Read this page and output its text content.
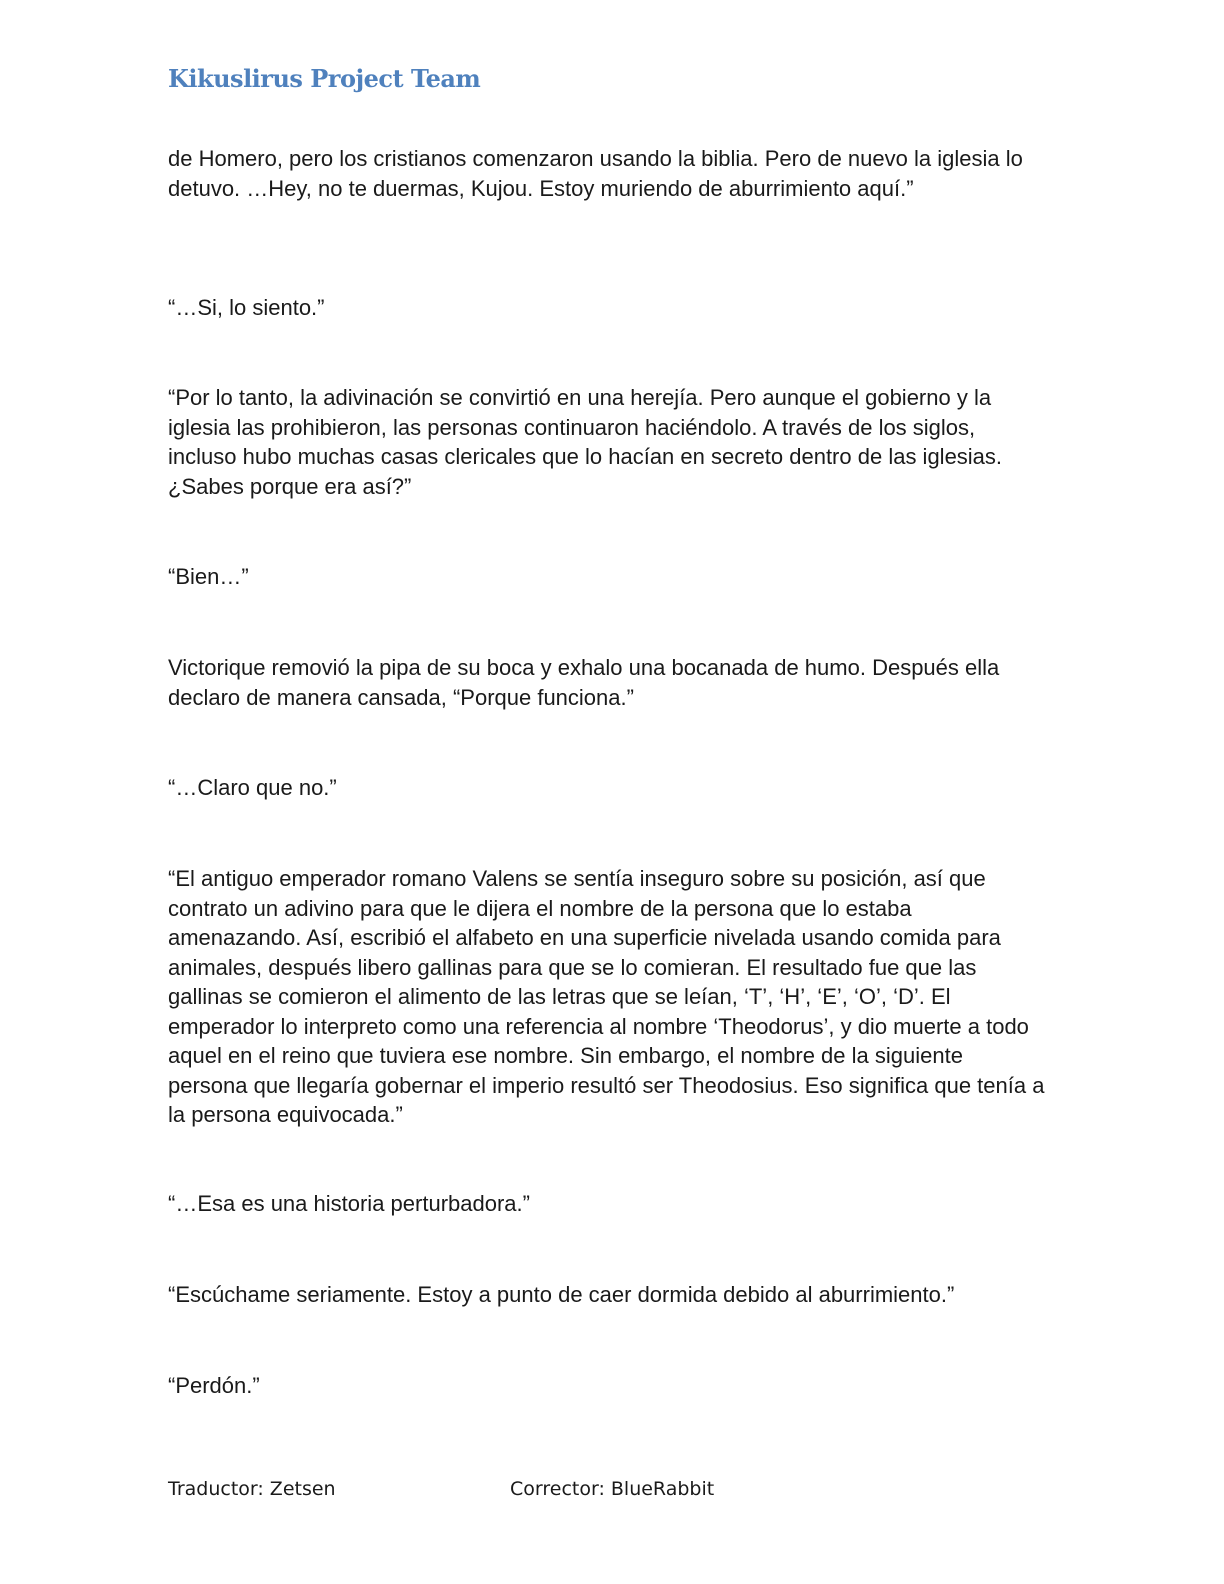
Kikuslirus Project Team

de Homero, pero los cristianos comenzaron usando la biblia. Pero de nuevo la iglesia lo detuvo. …Hey, no te duermas, Kujou. Estoy muriendo de aburrimiento aquí.”

“…Si, lo siento.”

“Por lo tanto, la adivinación se convirtió en una herejía. Pero aunque el gobierno y la iglesia las prohibieron, las personas continuaron haciéndolo. A través de los siglos, incluso hubo muchas casas clericales que lo hacían en secreto dentro de las iglesias. ¿Sabes porque era así?”

“Bien…”

Victorique removió la pipa de su boca y exhalo una bocanada de humo. Después ella declaro de manera cansada, “Porque funciona.”

“…Claro que no.”

“El antiguo emperador romano Valens se sentía inseguro sobre su posición, así que contrato un adivino para que le dijera el nombre de la persona que lo estaba amenazando. Así, escribió el alfabeto en una superficie nivelada usando comida para animales, después libero gallinas para que se lo comieran. El resultado fue que las gallinas se comieron el alimento de las letras que se leían, ‘T’, ‘H’, ‘E’, ‘O’, ‘D’. El emperador lo interpreto como una referencia al nombre ‘Theodorus’, y dio muerte a todo aquel en el reino que tuviera ese nombre. Sin embargo, el nombre de la siguiente persona que llegaría gobernar el imperio resultó ser Theodosius. Eso significa que tenía a la persona equivocada.”

“…Esa es una historia perturbadora.”

“Escúchame seriamente. Estoy a punto de caer dormida debido al aburrimiento.”

“Perdón.”

Traductor: Zetsen	Corrector: BlueRabbit
